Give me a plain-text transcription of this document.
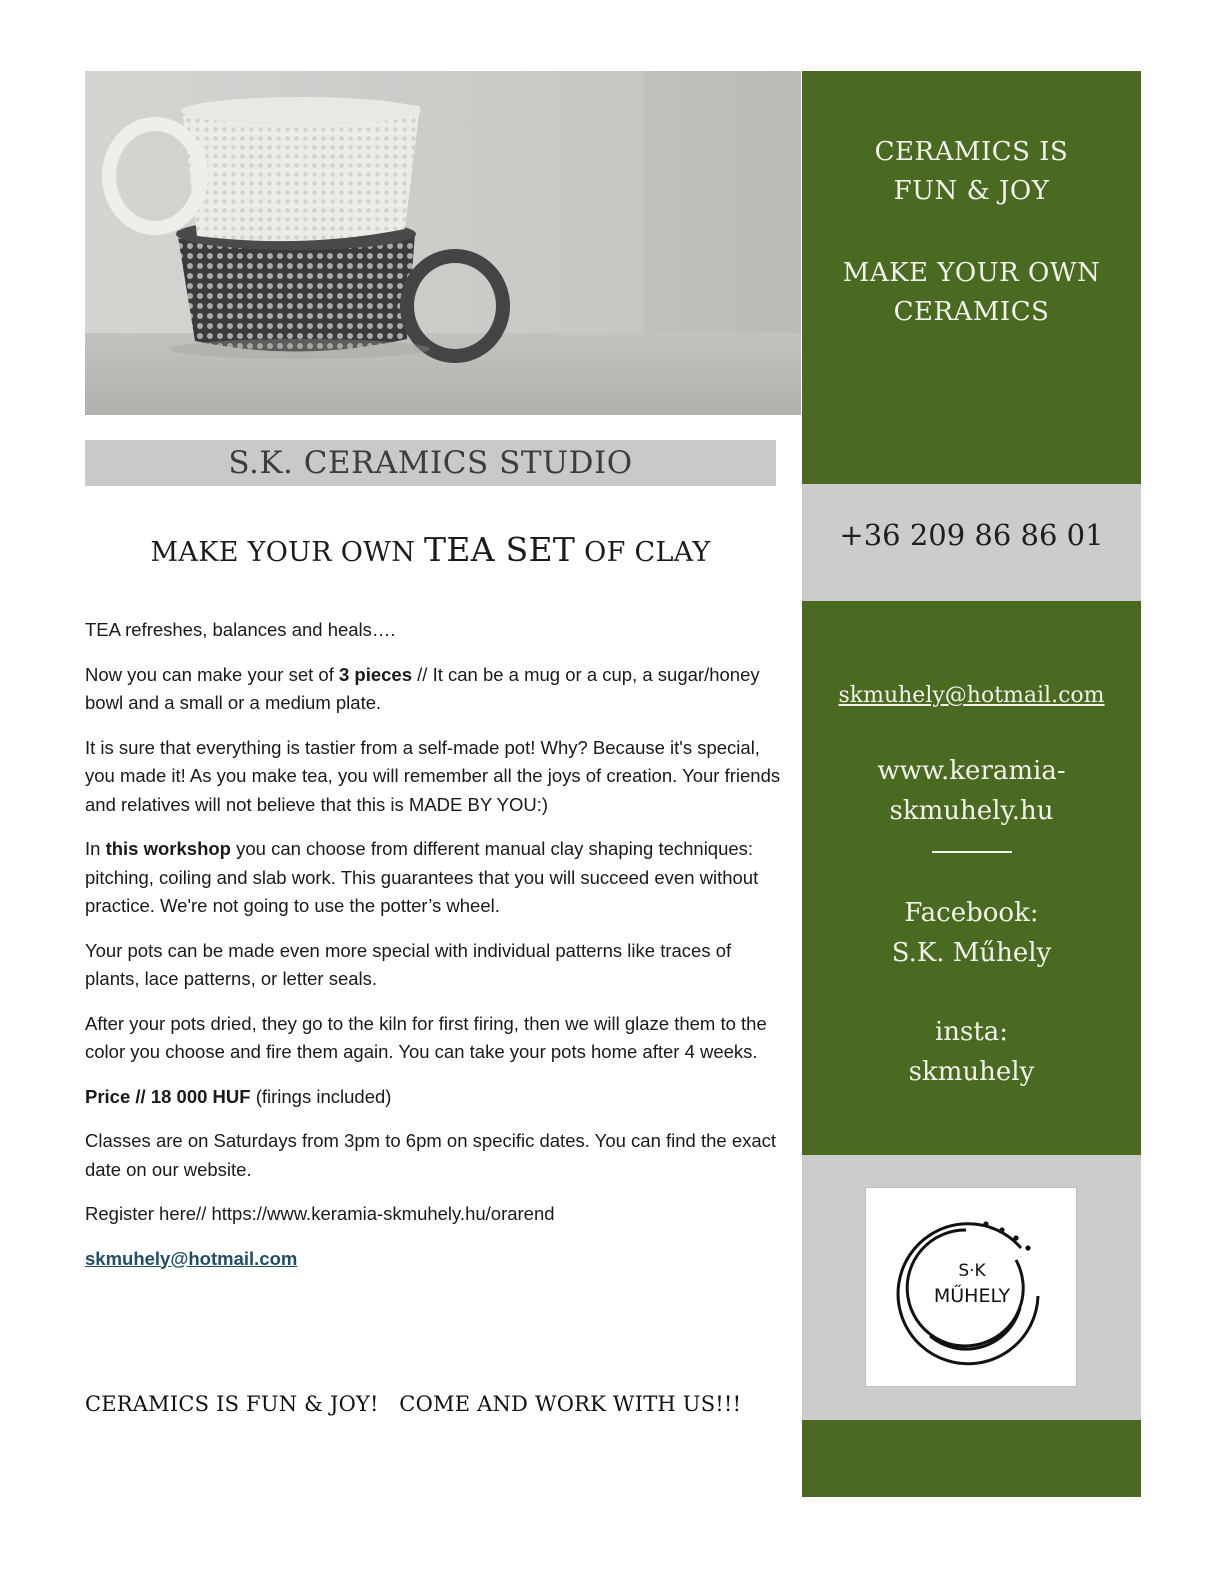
S.K. CERAMICS STUDIO
MAKE YOUR OWN TEA SET OF CLAY

TEA refreshes, balances and heals….

Now you can make your set of 3 pieces // It can be a mug or a cup, a sugar/honey bowl and a small or a medium plate.

It is sure that everything is tastier from a self-made pot! Why? Because it's special, you made it! As you make tea, you will remember all the joys of creation. Your friends and relatives will not believe that this is MADE BY YOU:)

In this workshop you can choose from different manual clay shaping techniques: pitching, coiling and slab work. This guarantees that you will succeed even without practice. We're not going to use the potter’s wheel.

Your pots can be made even more special with individual patterns like traces of plants, lace patterns, or letter seals.

After your pots dried, they go to the kiln for first firing, then we will glaze them to the color you choose and fire them again. You can take your pots home after 4 weeks.

Price // 18 000 HUF (firings included)

Classes are on Saturdays from 3pm to 6pm on specific dates. You can find the exact date on our website.

Register here// https://www.keramia-skmuhely.hu/orarend

skmuhely@hotmail.com

CERAMICS IS FUN & JOY!   COME AND WORK WITH US!!!
CERAMICS IS
FUN & JOY
MAKE YOUR OWN
CERAMICS
+36 209 86 86 01
skmuhely@hotmail.com
www.keramia-
skmuhely.hu
Facebook:
S.K. Műhely
insta:
skmuhely
S·K
MŰHELY
